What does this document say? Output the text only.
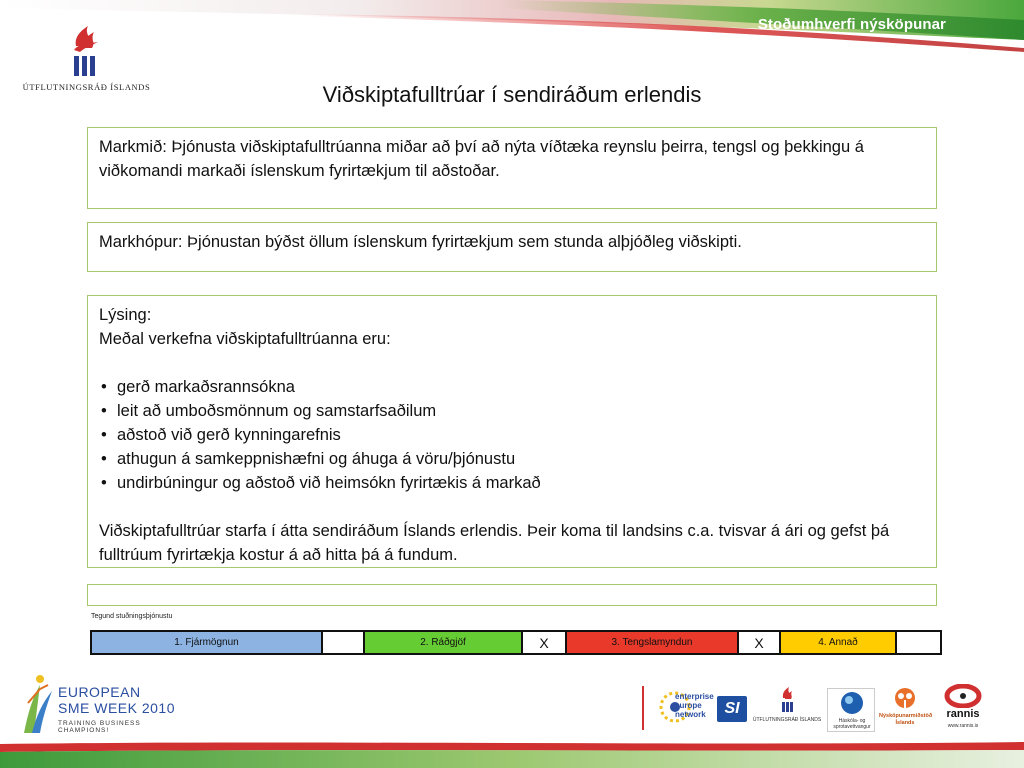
Stoðumhverfi nýsköpunar
ÚTFLUTNINGSRÁÐ ÍSLANDS	Viðskiptafulltrúar í sendiráðum erlendis
Markmið: Þjónusta viðskiptafulltrúanna miðar að því að nýta víðtæka reynslu þeirra, tengsl og þekkingu á viðkomandi markaði íslenskum fyrirtækjum til aðstoðar.
Markhópur: Þjónustan býðst öllum íslenskum fyrirtækjum sem stunda alþjóðleg viðskipti.
Lýsing:
Meðal verkefna viðskiptafulltrúanna eru:
• gerð markaðsrannsókna
• leit að umboðsmönnum og samstarfsaðilum
• aðstoð við gerð kynningarefnis
• athugun á samkeppnishæfni og áhuga á vöru/þjónustu
• undirbúningur og aðstoð við heimsókn fyrirtækis á markað
Viðskiptafulltrúar starfa í átta sendiráðum Íslands erlendis. Þeir koma til landsins c.a. tvisvar á ári og gefst þá fulltrúum fyrirtækja kostur á að hitta þá á fundum.
Tegund stuðningsþjónustu
1. Fjármögnun		2. Ráðgjöf	X	3. Tengslamyndun	X	4. Annað	
EUROPEAN
SME WEEK 2010
TRAINING BUSINESS CHAMPIONS!
enterprise europe network	SI
ÚTFLUTNINGSRÁÐ ÍSLANDS	Háskóla- og sprotavettvangur
Nýsköpunarmiðstöð Íslands
rannis
www.rannis.is
